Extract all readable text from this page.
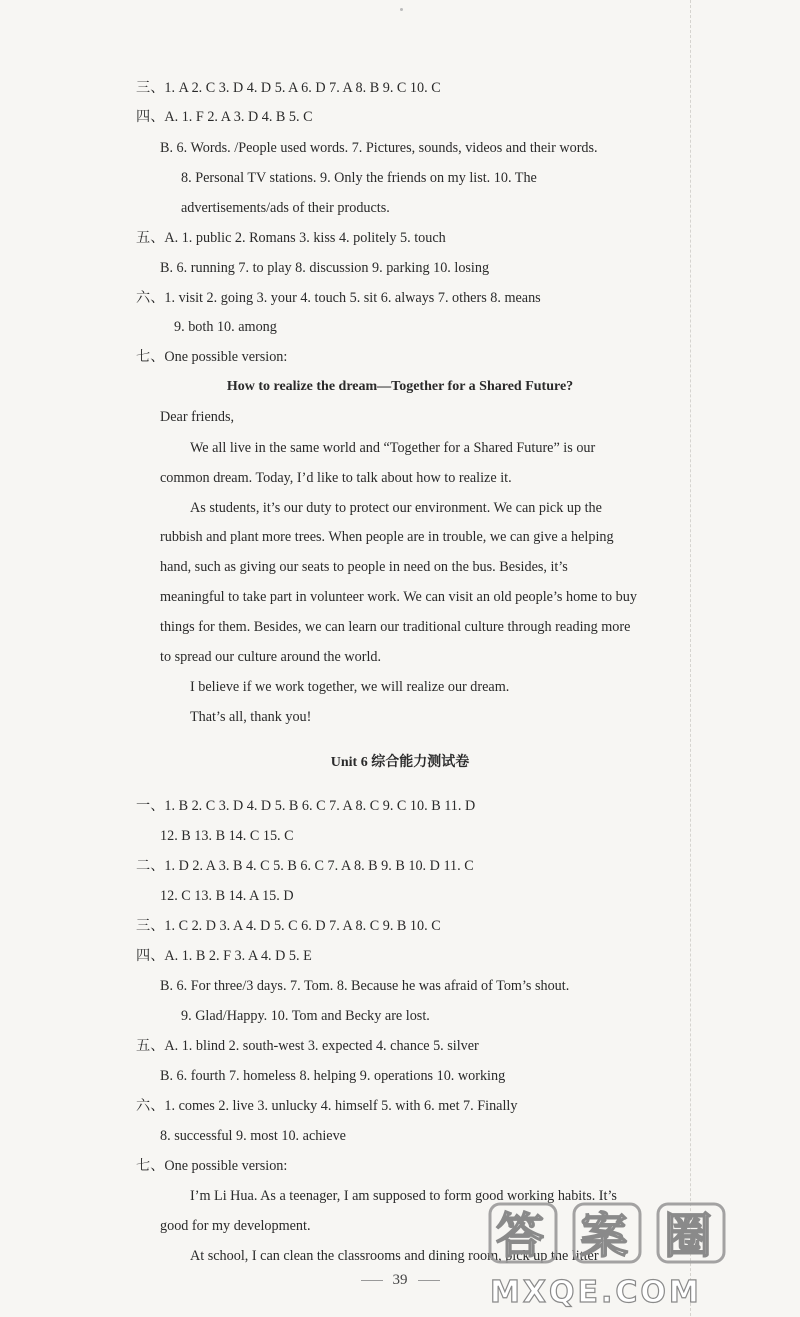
三、1. A 2. C 3. D 4. D 5. A 6. D 7. A 8. B 9. C 10. C
四、A. 1. F 2. A 3. D 4. B 5. C
B. 6. Words. /People used words. 7. Pictures, sounds, videos and their words.
8. Personal TV stations. 9. Only the friends on my list. 10. The
advertisements/ads of their products.
五、A. 1. public 2. Romans 3. kiss 4. politely 5. touch
B. 6. running 7. to play 8. discussion 9. parking 10. losing
六、1. visit 2. going 3. your 4. touch 5. sit 6. always 7. others 8. means
9. both 10. among
七、One possible version:
How to realize the dream—Together for a Shared Future?
Dear friends,
We all live in the same world and “Together for a Shared Future” is our
common dream. Today, I’d like to talk about how to realize it.
As students, it’s our duty to protect our environment. We can pick up the
rubbish and plant more trees. When people are in trouble, we can give a helping
hand, such as giving our seats to people in need on the bus. Besides, it’s
meaningful to take part in volunteer work. We can visit an old people’s home to buy
things for them. Besides, we can learn our traditional culture through reading more
to spread our culture around the world.
I believe if we work together, we will realize our dream.
That’s all, thank you!
Unit 6 综合能力测试卷
一、1. B 2. C 3. D 4. D 5. B 6. C 7. A 8. C 9. C 10. B 11. D
12. B 13. B 14. C 15. C
二、1. D 2. A 3. B 4. C 5. B 6. C 7. A 8. B 9. B 10. D 11. C
12. C 13. B 14. A 15. D
三、1. C 2. D 3. A 4. D 5. C 6. D 7. A 8. C 9. B 10. C
四、A. 1. B 2. F 3. A 4. D 5. E
B. 6. For three/3 days. 7. Tom. 8. Because he was afraid of Tom’s shout.
9. Glad/Happy. 10. Tom and Becky are lost.
五、A. 1. blind 2. south-west 3. expected 4. chance 5. silver
B. 6. fourth 7. homeless 8. helping 9. operations 10. working
六、1. comes 2. live 3. unlucky 4. himself 5. with 6. met 7. Finally
8. successful 9. most 10. achieve
七、One possible version:
I’m Li Hua. As a teenager, I am supposed to form good working habits. It’s
good for my development.
At school, I can clean the classrooms and dining room, pick up the litter
39
答 案 圈
MXQE.COM
